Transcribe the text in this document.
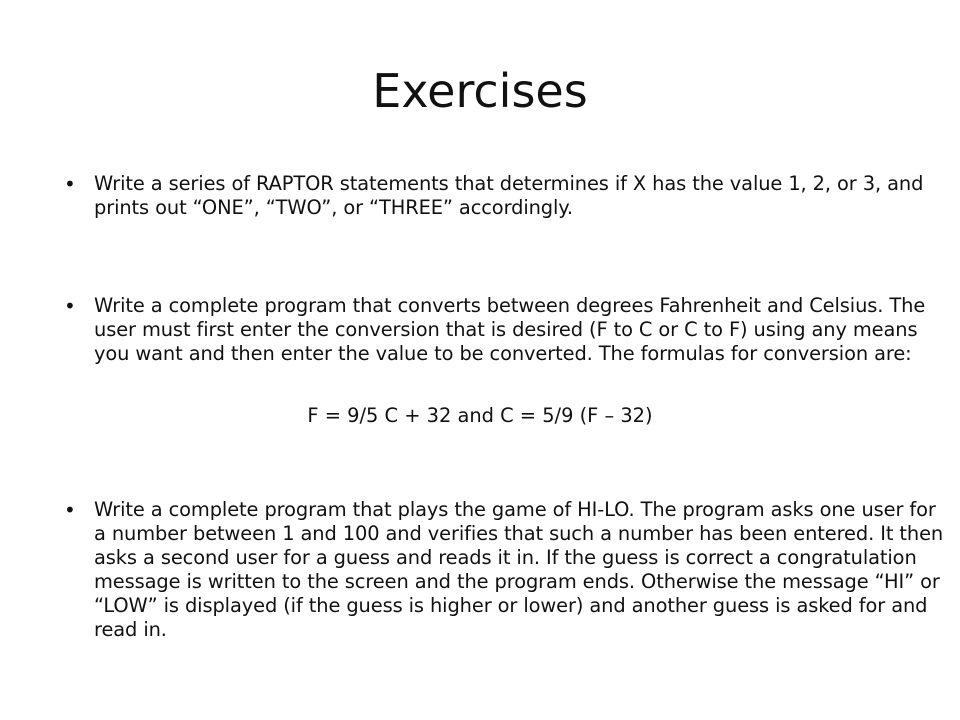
Exercises
• Write a series of RAPTOR statements that determines if X has the value 1, 2, or 3, and prints out “ONE”, “TWO”, or “THREE” accordingly.
• Write a complete program that converts between degrees Fahrenheit and Celsius. The user must first enter the conversion that is desired (F to C or C to F) using any means you want and then enter the value to be converted. The formulas for conversion are:
F = 9/5 C + 32 and C = 5/9 (F – 32)
• Write a complete program that plays the game of HI-LO. The program asks one user for a number between 1 and 100 and verifies that such a number has been entered. It then asks a second user for a guess and reads it in. If the guess is correct a congratulation message is written to the screen and the program ends. Otherwise the message “HI” or “LOW” is displayed (if the guess is higher or lower) and another guess is asked for and read in.
